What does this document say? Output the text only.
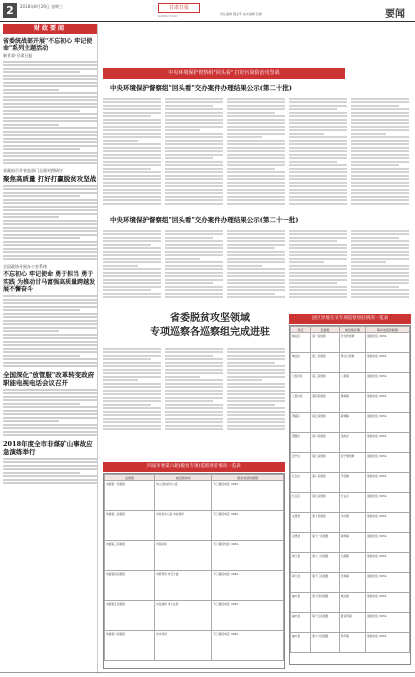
2	2018年8月29日 星期三	甘肃日报
GANSU DAILY	责任编辑 魏亚军 美术编辑 张静	要闻
财政要闻
省委统战部开展"不忘初心 牢记使命"系列主题活动
新甘肃·甘肃日报
省政府召开省直部门全面对照研讨
聚焦高质量 打好打赢脱贫攻坚战
全国政协开展办公室系统
不忘初心 牢记使命 勇于担当 勇于实践 为推动甘马富强高质量跨越发展不懈奋斗
全国深化"放管服"改革转变政府职能电视电话会议召开
2018年度全市非煤矿山事故应急演练举行
中央环境保护督察组"回头看" 打好污染防治攻坚战
中央环境保护督察组"回头看"交办案件办理结果公示(第二十批)
中央环境保护督察组"回头看"交办案件办理结果公示(第二十一批)
省委脱贫攻坚领域
专项巡察各巡察组完成进驻
四届市委第六轮(脱贫专项)巡察进驻情况一览表
巡察组	被巡察单位	联系电话和邮箱
市委第一巡察组	市人民政府办公室	专门值班电话: 0931-
市委第二巡察组	市扶贫办公室 市农牧局	专门值班电话: 0931-
市委第三巡察组	市民政局	专门值班电话: 0931-
市委第四巡察组	市教育局 市卫计委	专门值班电话: 0931-
市委第五巡察组	市住建局 市人社局	专门值班电话: 0931-
市委第六巡察组	市水务局	专门值班电话: 0931-
县区异地交叉专项巡察进驻情况一览表
县区	巡察组	被巡察乡镇	联系电话和邮箱
城关区	第一巡察组	伏龙坪街道	值班电话: 0931-
城关区	第二巡察组	青白石街道	值班电话: 0931-
七里河区	第三巡察组	八里镇	值班电话: 0931-
七里河区	第四巡察组	黄峪镇	值班电话: 0931-
西固区	第五巡察组	新城镇	值班电话: 0931-
西固区	第六巡察组	金沟乡	值班电话: 0931-
安宁区	第七巡察组	安宁堡街道	值班电话: 0931-
红古区	第八巡察组	平安镇	值班电话: 0931-
红古区	第九巡察组	红古乡	值班电话: 0931-
永登县	第十巡察组	中川镇	值班电话: 0931-
永登县	第十一巡察组	树屏镇	值班电话: 0931-
皋兰县	第十二巡察组	石洞镇	值班电话: 0931-
皋兰县	第十三巡察组	忠和镇	值班电话: 0931-
榆中县	第十四巡察组	城关镇	值班电话: 0931-
榆中县	第十五巡察组	夏官营镇	值班电话: 0931-
榆中县	第十六巡察组	和平镇	值班电话: 0931-
